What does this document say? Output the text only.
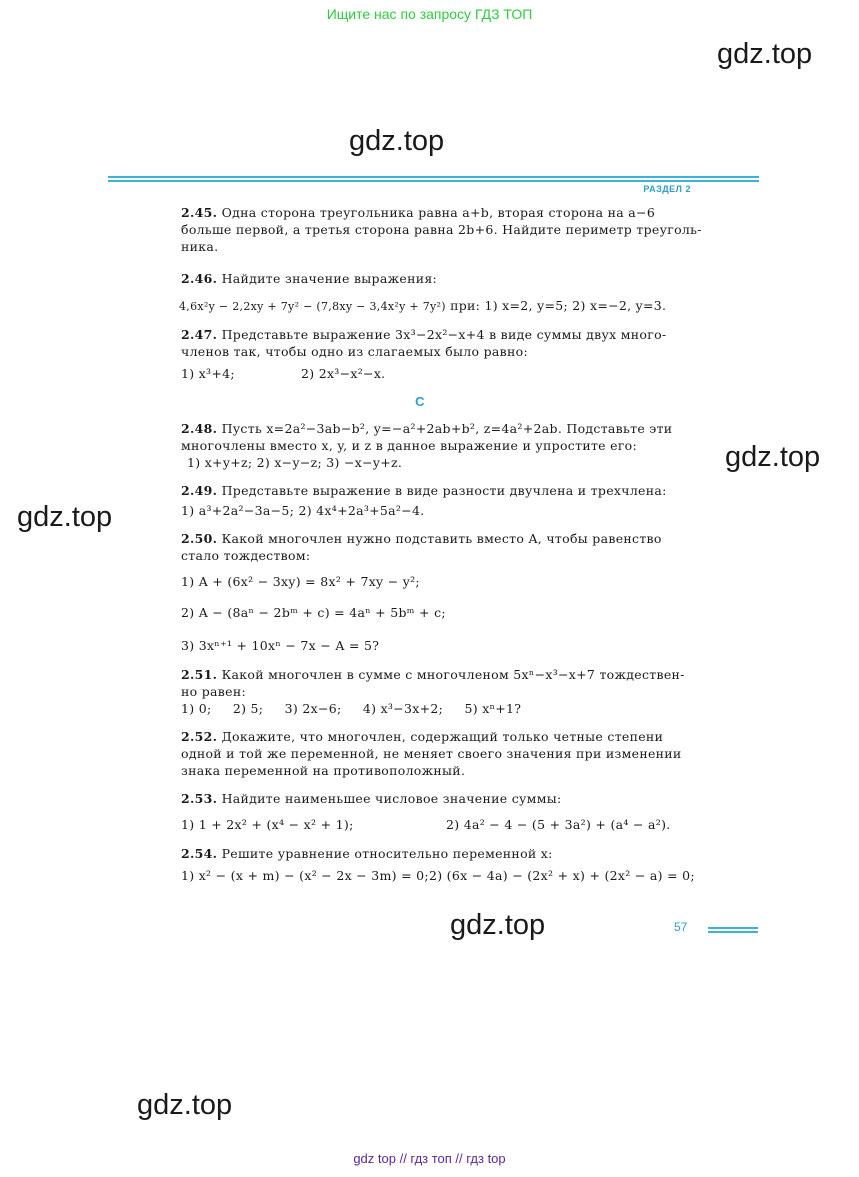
Ищите нас по запросу ГДЗ ТОП
gdz.top
gdz.top
gdz.top
gdz.top
gdz.top
gdz.top
РАЗДЕЛ 2
2.45. Одна сторона треугольника равна a+b, вторая сторона на a−6
больше первой, а третья сторона равна 2b+6. Найдите периметр треуголь-
ника.
2.46. Найдите значение выражения:
4,6x²y − 2,2xy + 7y² − (7,8xy − 3,4x²y + 7y²) при: 1) x=2, y=5; 2) x=−2, y=3.
2.47. Представьте выражение 3x³−2x²−x+4 в виде суммы двух много-
членов так, чтобы одно из слагаемых было равно:
1) x³+4;	2) 2x³−x²−x.
С
2.48. Пусть x=2a²−3ab−b², y=−a²+2ab+b², z=4a²+2ab. Подставьте эти
многочлены вместо x, y, и z в данное выражение и упростите его:
1) x+y+z; 2) x−y−z; 3) −x−y+z.
2.49. Представьте выражение в виде разности двучлена и трехчлена:
1) a³+2a²−3a−5; 2) 4x⁴+2a³+5a²−4.
2.50. Какой многочлен нужно подставить вместо A, чтобы равенство
стало тождеством:
1) A + (6x² − 3xy) = 8x² + 7xy − y²;
2) A − (8aⁿ − 2bᵐ + c) = 4aⁿ + 5bᵐ + c;
3) 3xⁿ⁺¹ + 10xⁿ − 7x − A = 5?
2.51. Какой многочлен в сумме с многочленом 5xⁿ−x³−x+7 тождествен-
но равен:
1) 0;     2) 5;     3) 2x−6;     4) x³−3x+2;     5) xⁿ+1?
2.52. Докажите, что многочлен, содержащий только четные степени
одной и той же переменной, не меняет своего значения при изменении
знака переменной на противоположный.
2.53. Найдите наименьшее числовое значение суммы:
1) 1 + 2x² + (x⁴ − x² + 1);	2) 4a² − 4 − (5 + 3a²) + (a⁴ − a²).
2.54. Решите уравнение относительно переменной x:
1) x² − (x + m) − (x² − 2x − 3m) = 0; 2) (6x − 4a) − (2x² + x) + (2x² − a) = 0;
57
gdz top // гдз топ // гдз top
